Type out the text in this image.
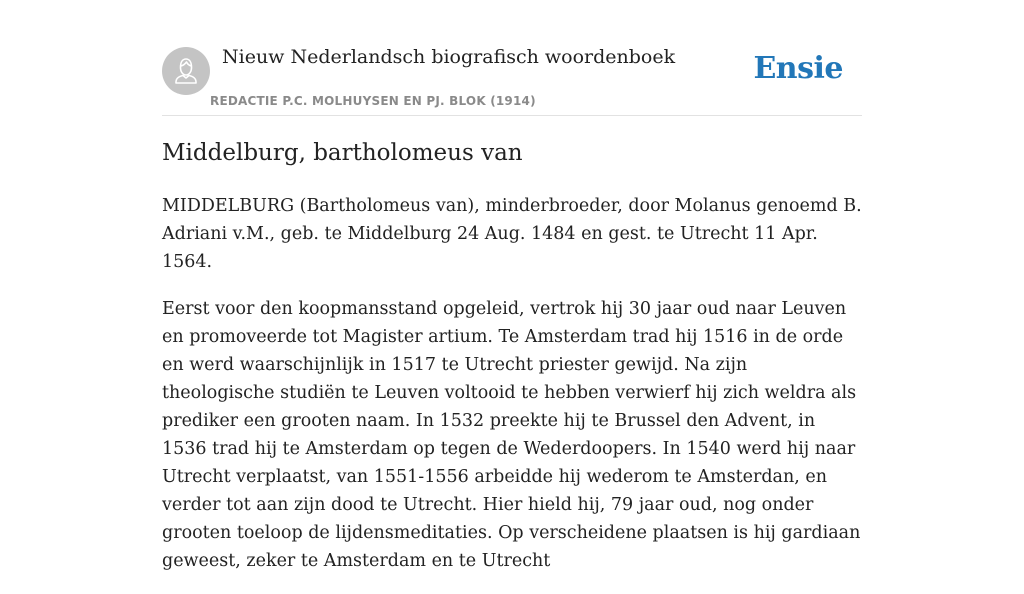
Nieuw Nederlandsch biografisch woordenboek
REDACTIE P.C. MOLHUYSEN EN PJ. BLOK (1914)
Ensie
Middelburg, bartholomeus van

MIDDELBURG (Bartholomeus van), minderbroeder, door Molanus genoemd B. Adriani v.M., geb. te Middelburg 24 Aug. 1484 en gest. te Utrecht 11 Apr. 1564.

Eerst voor den koopmansstand opgeleid, vertrok hij 30 jaar oud naar Leuven en promoveerde tot Magister artium. Te Amsterdam trad hij 1516 in de orde en werd waarschijnlijk in 1517 te Utrecht priester gewijd. Na zijn theologische studiën te Leuven voltooid te hebben verwierf hij zich weldra als prediker een grooten naam. In 1532 preekte hij te Brussel den Advent, in 1536 trad hij te Amsterdam op tegen de Wederdoopers. In 1540 werd hij naar Utrecht verplaatst, van 1551-1556 arbeidde hij wederom te Amsterdan, en verder tot aan zijn dood te Utrecht. Hier hield hij, 79 jaar oud, nog onder grooten toeloop de lijdensmeditaties. Op verscheidene plaatsen is hij gardiaan geweest, zeker te Amsterdam en te Utrecht
